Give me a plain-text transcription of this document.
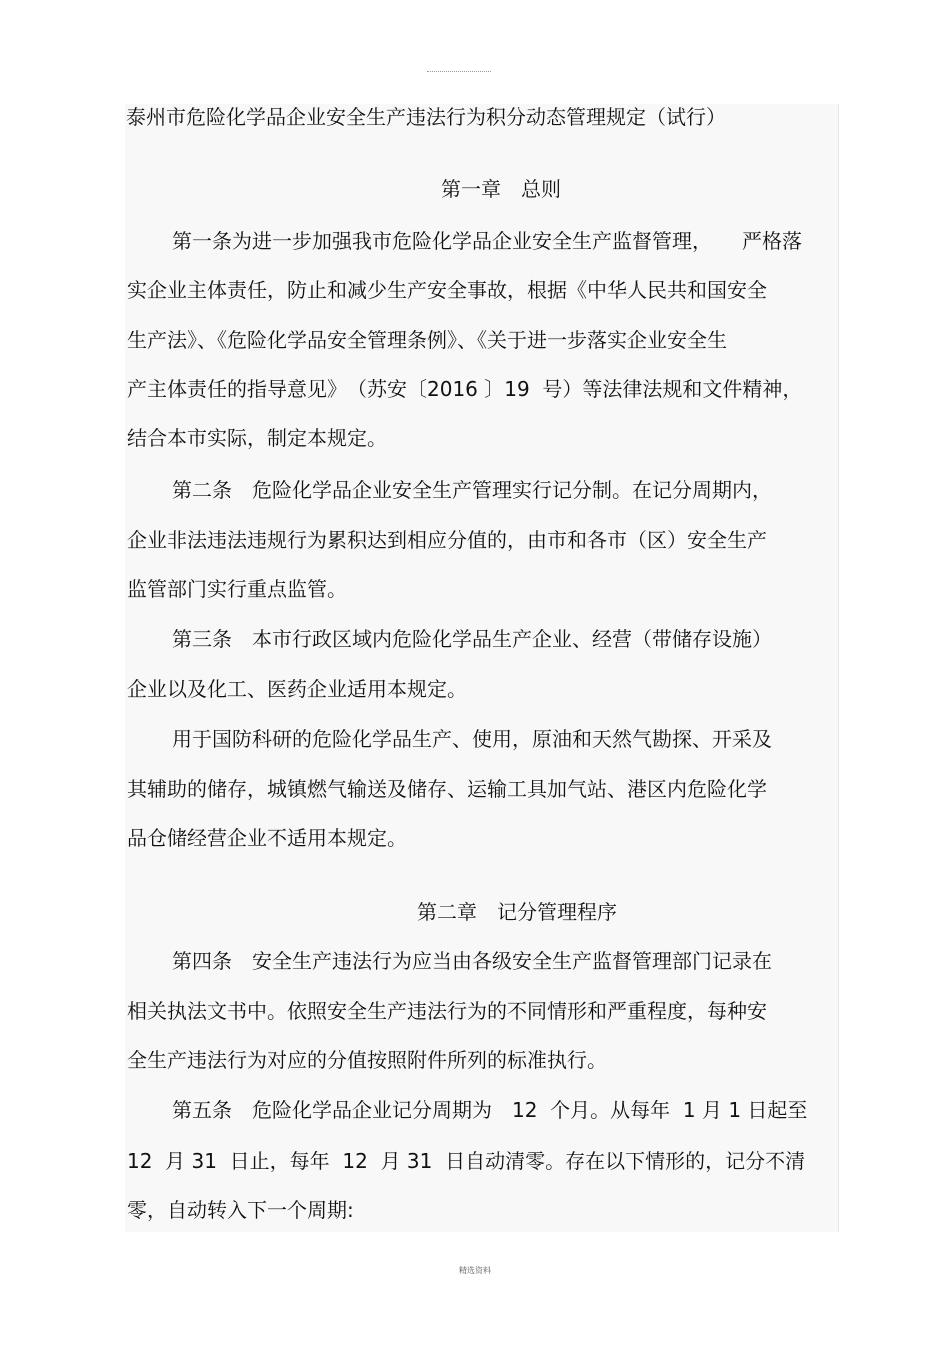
泰州市危险化学品企业安全生产违法行为积分动态管理规定（试行）
第一章　总则
第一条为进一步加强我市危险化学品企业安全生产监督管理，　　严格落
实企业主体责任，防止和减少生产安全事故，根据《中华人民共和国安全
生产法》、《危险化学品安全管理条例》、《关于进一步落实企业安全生
产主体责任的指导意见》　（苏安〔2016 〕19  号）等法律法规和文件精神，
结合本市实际，制定本规定。
第二条　危险化学品企业安全生产管理实行记分制。在记分周期内，
企业非法违法违规行为累积达到相应分值的，由市和各市（区）安全生产
监管部门实行重点监管。
第三条　本市行政区域内危险化学品生产企业、经营（带储存设施）
企业以及化工、医药企业适用本规定。
用于国防科研的危险化学品生产、使用，原油和天然气勘探、开采及
其辅助的储存，城镇燃气输送及储存、运输工具加气站、港区内危险化学
品仓储经营企业不适用本规定。
第二章　记分管理程序
第四条　安全生产违法行为应当由各级安全生产监督管理部门记录在
相关执法文书中。依照安全生产违法行为的不同情形和严重程度，每种安
全生产违法行为对应的分值按照附件所列的标准执行。
第五条　危险化学品企业记分周期为　12  个月。从每年  1 月 1 日起至
12  月 31  日止，每年  12  月 31  日自动清零。存在以下情形的，记分不清
零，自动转入下一个周期:
精选资料
